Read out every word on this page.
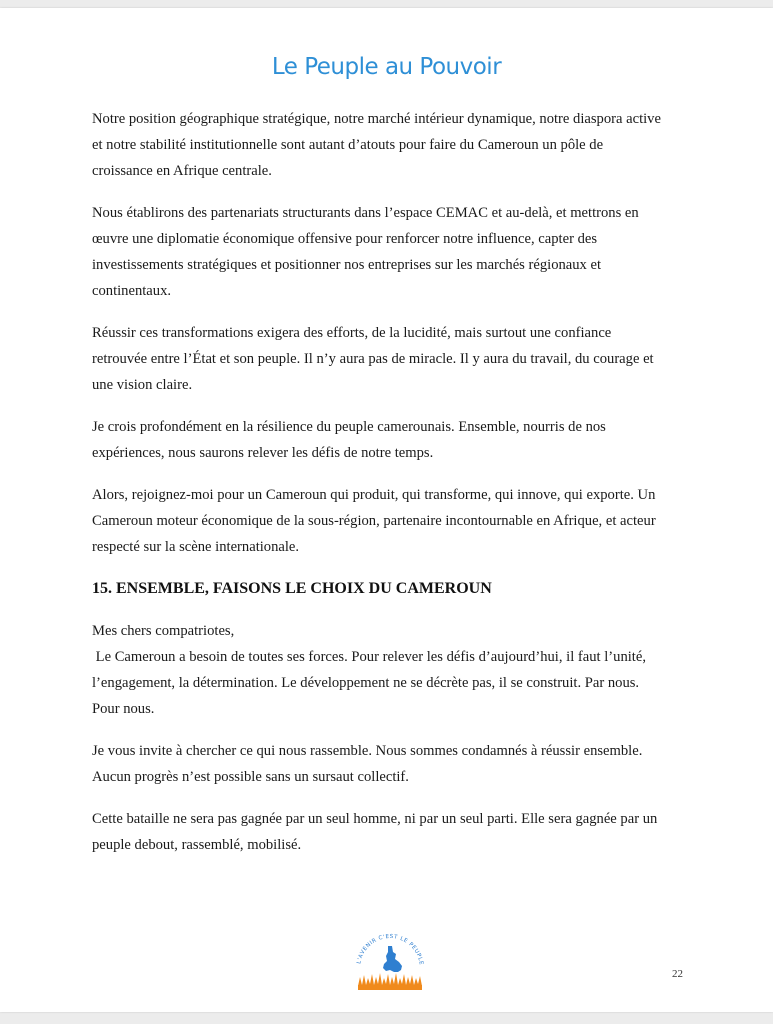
Le Peuple au Pouvoir

Notre position géographique stratégique, notre marché intérieur dynamique, notre diaspora active
et notre stabilité institutionnelle sont autant d’atouts pour faire du Cameroun un pôle de
croissance en Afrique centrale.

Nous établirons des partenariats structurants dans l’espace CEMAC et au-delà, et mettrons en
œuvre une diplomatie économique offensive pour renforcer notre influence, capter des
investissements stratégiques et positionner nos entreprises sur les marchés régionaux et
continentaux.

Réussir ces transformations exigera des efforts, de la lucidité, mais surtout une confiance
retrouvée entre l’État et son peuple. Il n’y aura pas de miracle. Il y aura du travail, du courage et
une vision claire.

Je crois profondément en la résilience du peuple camerounais. Ensemble, nourris de nos
expériences, nous saurons relever les défis de notre temps.

Alors, rejoignez-moi pour un Cameroun qui produit, qui transforme, qui innove, qui exporte. Un
Cameroun moteur économique de la sous-région, partenaire incontournable en Afrique, et acteur
respecté sur la scène internationale.

15. ENSEMBLE, FAISONS LE CHOIX DU CAMEROUN

Mes chers compatriotes,
Le Cameroun a besoin de toutes ses forces. Pour relever les défis d’aujourd’hui, il faut l’unité,
l’engagement, la détermination. Le développement ne se décrète pas, il se construit. Par nous.
Pour nous.

Je vous invite à chercher ce qui nous rassemble. Nous sommes condamnés à réussir ensemble.
Aucun progrès n’est possible sans un sursaut collectif.

Cette bataille ne sera pas gagnée par un seul homme, ni par un seul parti. Elle sera gagnée par un
peuple debout, rassemblé, mobilisé.

L'AVENIR C'EST LE PEUPLE
22
